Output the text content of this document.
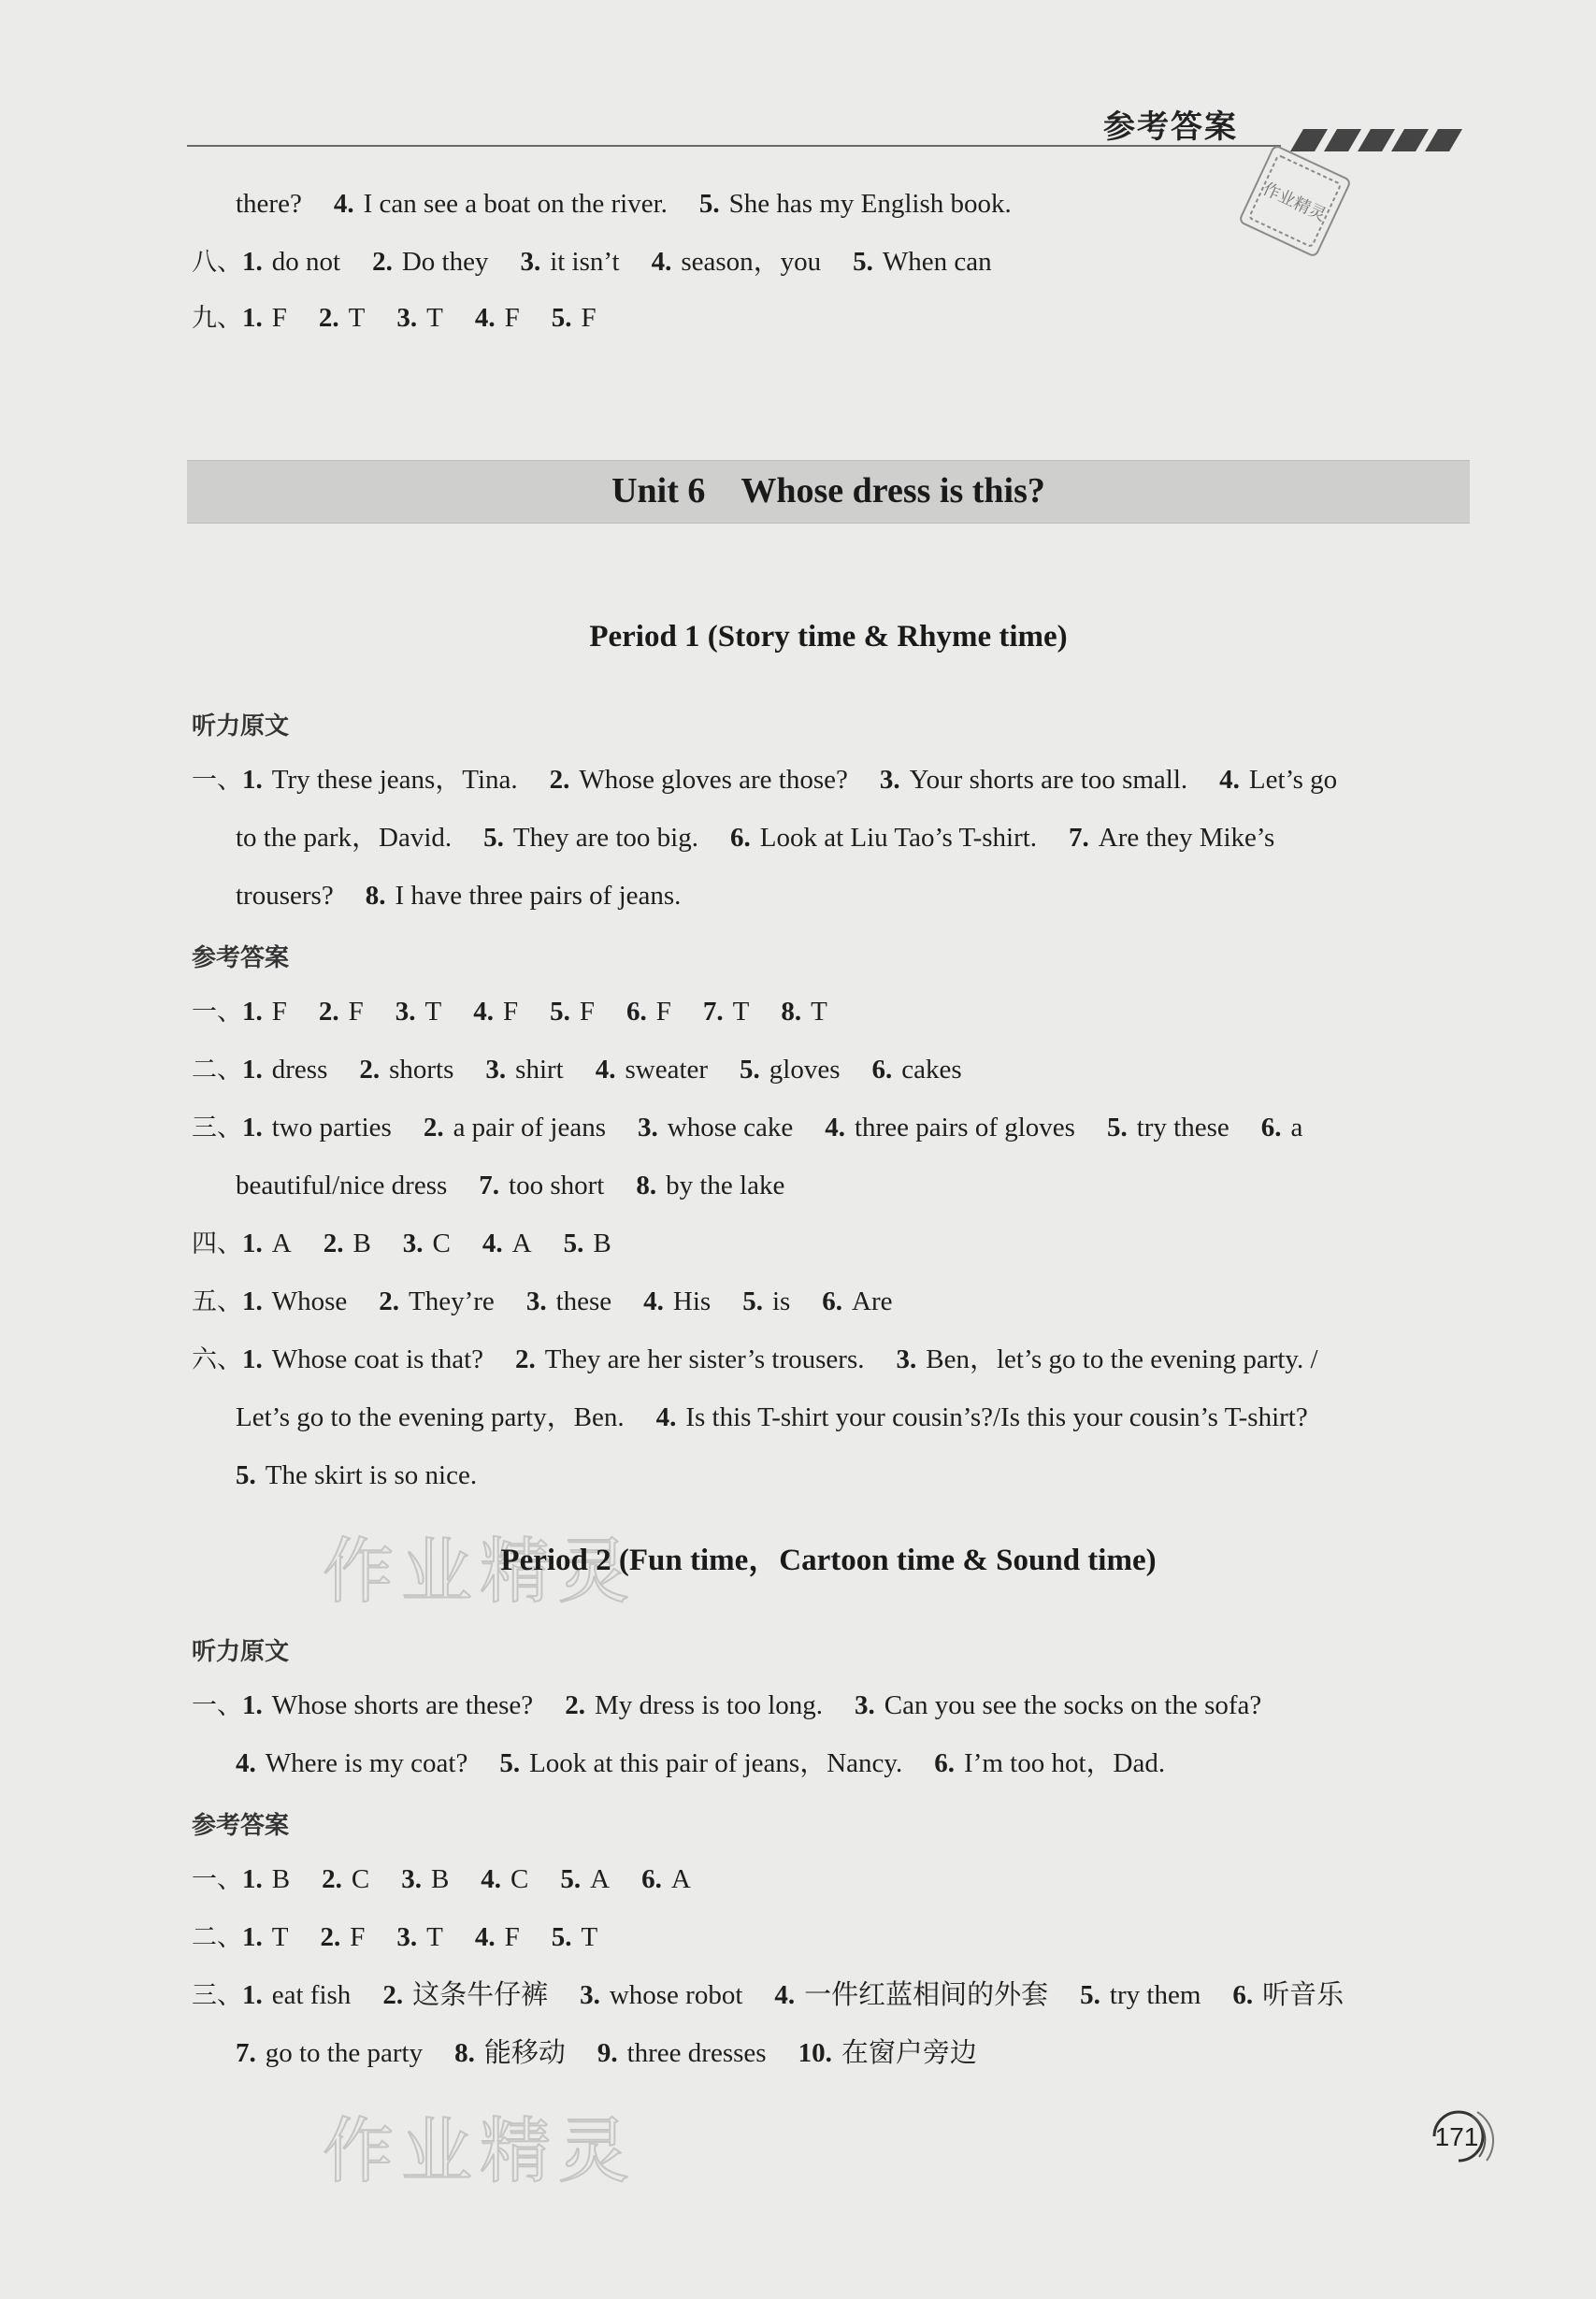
参考答案
作业精灵
there? 4. I can see a boat on the river. 5. She has my English book.
八、1. do not 2. Do they 3. it isn’t 4. season，you 5. When can
九、1. F 2. T 3. T 4. F 5. F
Unit 6　Whose dress is this?
Period 1 (Story time & Rhyme time)
听力原文
一、1. Try these jeans，Tina. 2. Whose gloves are those? 3. Your shorts are too small. 4. Let’s go
to the park，David. 5. They are too big. 6. Look at Liu Tao’s T-shirt. 7. Are they Mike’s
trousers? 8. I have three pairs of jeans.
参考答案
一、1. F 2. F 3. T 4. F 5. F 6. F 7. T 8. T
二、1. dress 2. shorts 3. shirt 4. sweater 5. gloves 6. cakes
三、1. two parties 2. a pair of jeans 3. whose cake 4. three pairs of gloves 5. try these 6. a
beautiful/nice dress 7. too short 8. by the lake
四、1. A 2. B 3. C 4. A 5. B
五、1. Whose 2. They’re 3. these 4. His 5. is 6. Are
六、1. Whose coat is that? 2. They are her sister’s trousers. 3. Ben，let’s go to the evening party. /
Let’s go to the evening party，Ben. 4. Is this T-shirt your cousin’s?/Is this your cousin’s T-shirt?
5. The skirt is so nice.
作业精灵
Period 2 (Fun time，Cartoon time & Sound time)
听力原文
一、1. Whose shorts are these? 2. My dress is too long. 3. Can you see the socks on the sofa?
4. Where is my coat? 5. Look at this pair of jeans，Nancy. 6. I’m too hot，Dad.
参考答案
一、1. B 2. C 3. B 4. C 5. A 6. A
二、1. T 2. F 3. T 4. F 5. T
三、1. eat fish 2. 这条牛仔裤 3. whose robot 4. 一件红蓝相间的外套 5. try them 6. 听音乐
7. go to the party 8. 能移动 9. three dresses 10. 在窗户旁边
作业精灵	171
